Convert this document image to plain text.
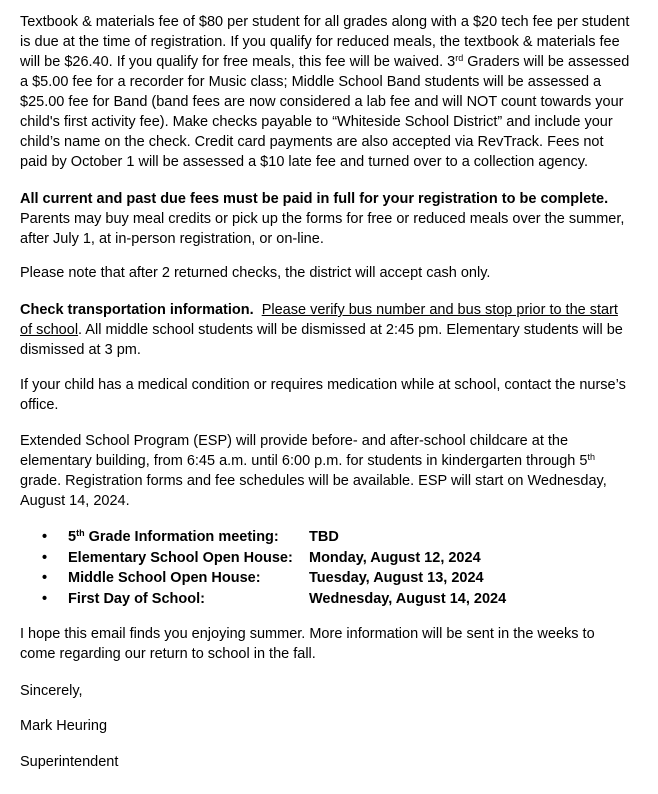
Textbook & materials fee of $80 per student for all grades along with a $20 tech fee per student
is due at the time of registration. If you qualify for reduced meals, the textbook & materials fee
will be $26.40. If you qualify for free meals, this fee will be waived. 3rd Graders will be assessed
a $5.00 fee for a recorder for Music class; Middle School Band students will be assessed a
$25.00 fee for Band (band fees are now considered a lab fee and will NOT count towards your
child's first activity fee). Make checks payable to “Whiteside School District” and include your
child’s name on the check. Credit card payments are also accepted via RevTrack. Fees not
paid by October 1 will be assessed a $10 late fee and turned over to a collection agency.
All current and past due fees must be paid in full for your registration to be complete.
Parents may buy meal credits or pick up the forms for free or reduced meals over the summer,
after July 1, at in-person registration, or on-line.
Please note that after 2 returned checks, the district will accept cash only.
Check transportation information. Please verify bus number and bus stop prior to the start
of school. All middle school students will be dismissed at 2:45 pm. Elementary students will be
dismissed at 3 pm.
If your child has a medical condition or requires medication while at school, contact the nurse’s
office.
Extended School Program (ESP) will provide before- and after-school childcare at the
elementary building, from 6:45 a.m. until 6:00 p.m. for students in kindergarten through 5th
grade. Registration forms and fee schedules will be available. ESP will start on Wednesday,
August 14, 2024.
• 5th Grade Information meeting: TBD
• Elementary School Open House: Monday, August 12, 2024
• Middle School Open House:	Tuesday, August 13, 2024
• First Day of School:	Wednesday, August 14, 2024
I hope this email finds you enjoying summer. More information will be sent in the weeks to
come regarding our return to school in the fall.
Sincerely,
Mark Heuring
Superintendent
